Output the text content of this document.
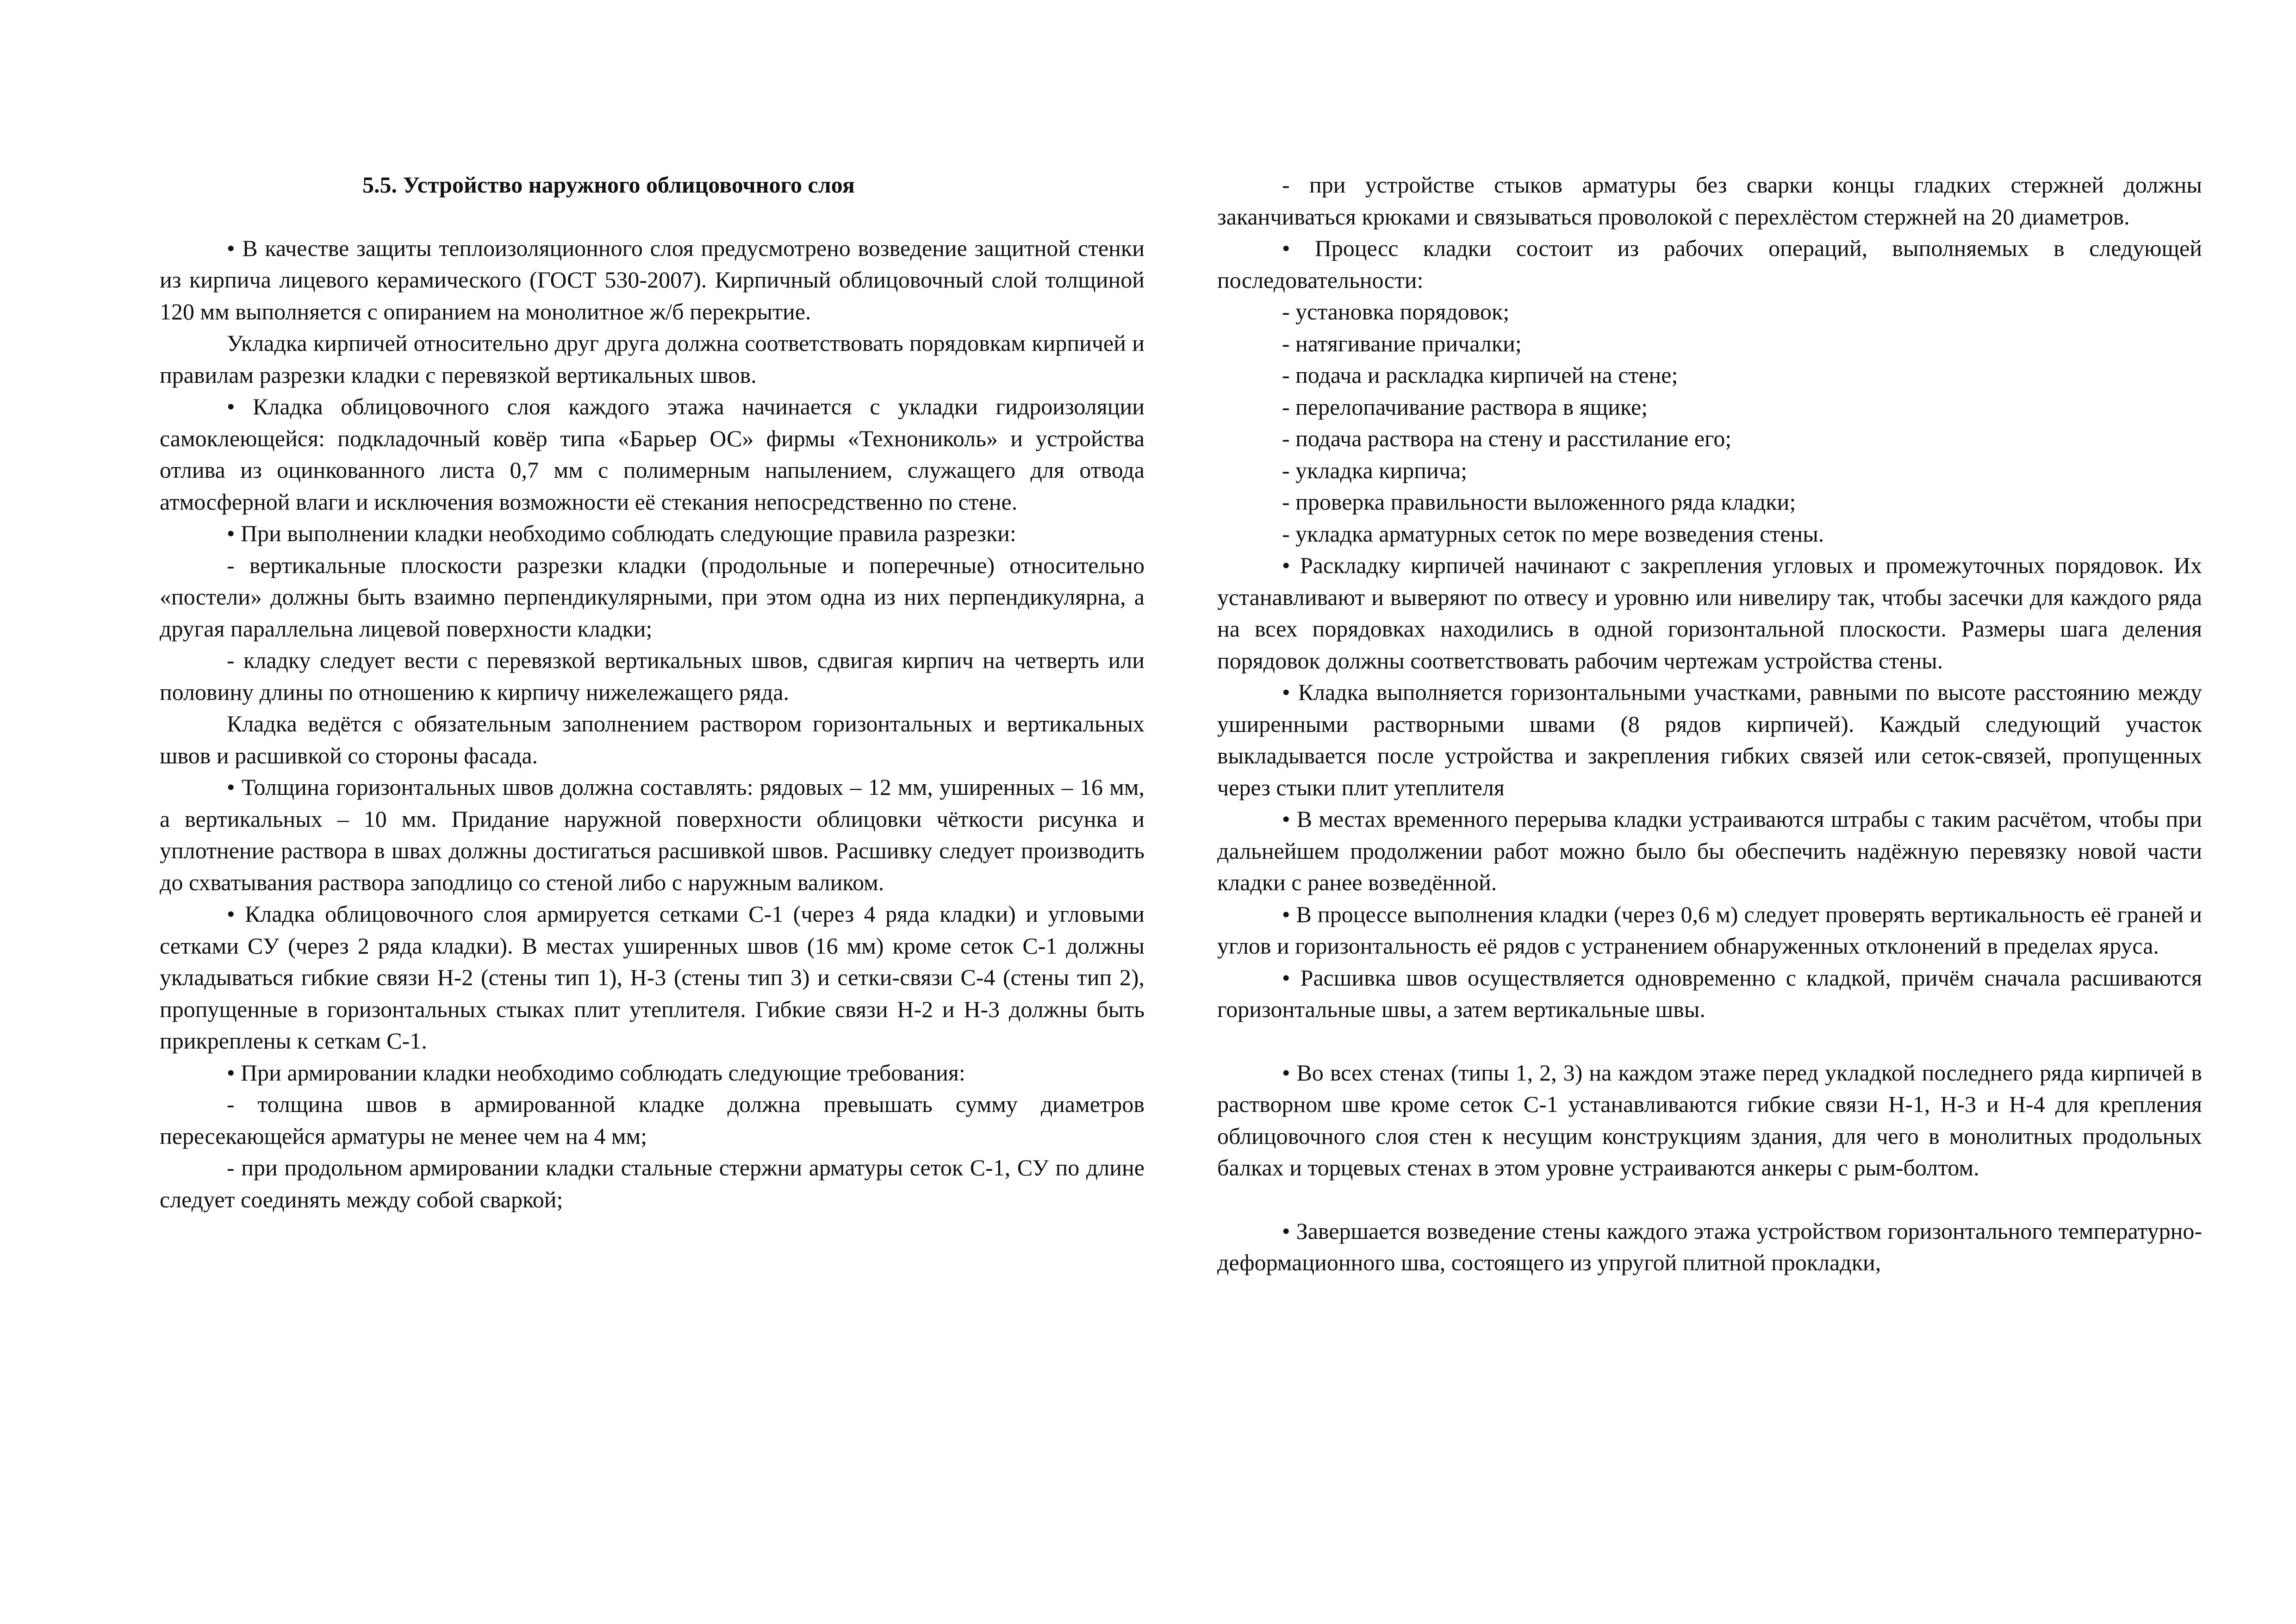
5.5. Устройство наружного облицовочного слоя

• В качестве защиты теплоизоляционного слоя предусмотрено возведение защитной стенки из кирпича лицевого керамического (ГОСТ 530-2007). Кирпичный облицовочный слой толщиной 120 мм выполняется с опиранием на монолитное ж/б перекрытие.

Укладка кирпичей относительно друг друга должна соответствовать порядовкам кирпичей и правилам разрезки кладки с перевязкой вертикальных швов.

• Кладка облицовочного слоя каждого этажа начинается с укладки гидроизоляции самоклеющейся: подкладочный ковёр типа «Барьер ОС» фирмы «Технониколь» и устройства отлива из оцинкованного листа 0,7 мм с полимерным напылением, служащего для отвода атмосферной влаги и исключения возможности её стекания непосредственно по стене.

• При выполнении кладки необходимо соблюдать следующие правила разрезки:

- вертикальные плоскости разрезки кладки (продольные и поперечные) относительно «постели» должны быть взаимно перпендикулярными, при этом одна из них перпендикулярна, а другая параллельна лицевой поверхности кладки;

- кладку следует вести с перевязкой вертикальных швов, сдвигая кирпич на четверть или половину длины по отношению к кирпичу нижележащего ряда.

Кладка ведётся с обязательным заполнением раствором горизонтальных и вертикальных швов и расшивкой со стороны фасада.

• Толщина горизонтальных швов должна составлять: рядовых – 12 мм, уширенных – 16 мм, а вертикальных – 10 мм. Придание наружной поверхности облицовки чёткости рисунка и уплотнение раствора в швах должны достигаться расшивкой швов. Расшивку следует производить до схватывания раствора заподлицо со стеной либо с наружным валиком.

• Кладка облицовочного слоя армируется сетками С-1 (через 4 ряда кладки) и угловыми сетками СУ (через 2 ряда кладки). В местах уширенных швов (16 мм) кроме сеток С-1 должны укладываться гибкие связи Н-2 (стены тип 1), Н-3 (стены тип 3) и сетки-связи С-4 (стены тип 2), пропущенные в горизонтальных стыках плит утеплителя. Гибкие связи Н-2 и Н-3 должны быть прикреплены к сеткам С-1.

• При армировании кладки необходимо соблюдать следующие требования:

- толщина швов в армированной кладке должна превышать сумму диаметров пересекающейся арматуры не менее чем на 4 мм;

- при продольном армировании кладки стальные стержни арматуры сеток С-1, СУ по длине следует соединять между собой сваркой;

- при устройстве стыков арматуры без сварки концы гладких стержней должны заканчиваться крюками и связываться проволокой с перехлёстом стержней на 20 диаметров.

• Процесс кладки состоит из рабочих операций, выполняемых в следующей последовательности:

- установка порядовок;

- натягивание причалки;

- подача и раскладка кирпичей на стене;

- перелопачивание раствора в ящике;

- подача раствора на стену и расстилание его;

- укладка кирпича;

- проверка правильности выложенного ряда кладки;

- укладка арматурных сеток по мере возведения стены.

• Раскладку кирпичей начинают с закрепления угловых и промежуточных порядовок. Их устанавливают и выверяют по отвесу и уровню или нивелиру так, чтобы засечки для каждого ряда на всех порядовках находились в одной горизонтальной плоскости. Размеры шага деления порядовок должны соответствовать рабочим чертежам устройства стены.

• Кладка выполняется горизонтальными участками, равными по высоте расстоянию между уширенными растворными швами (8 рядов кирпичей). Каждый следующий участок выкладывается после устройства и закрепления гибких связей или сеток-связей, пропущенных через стыки плит утеплителя

• В местах временного перерыва кладки устраиваются штрабы с таким расчётом, чтобы при дальнейшем продолжении работ можно было бы обеспечить надёжную перевязку новой части кладки с ранее возведённой.

• В процессе выполнения кладки (через 0,6 м) следует проверять вертикальность её граней и углов и горизонтальность её рядов с устранением обнаруженных отклонений в пределах яруса.

• Расшивка швов осуществляется одновременно с кладкой, причём сначала расшиваются горизонтальные швы, а затем вертикальные швы.

• Во всех стенах (типы 1, 2, 3) на каждом этаже перед укладкой последнего ряда кирпичей в растворном шве кроме сеток С-1 устанавливаются гибкие связи Н-1, Н-3 и Н-4 для крепления облицовочного слоя стен к несущим конструкциям здания, для чего в монолитных продольных балках и торцевых стенах в этом уровне устраиваются анкеры с рым-болтом.

• Завершается возведение стены каждого этажа устройством горизонтального температурно-деформационного шва, состоящего из упругой плитной прокладки,
